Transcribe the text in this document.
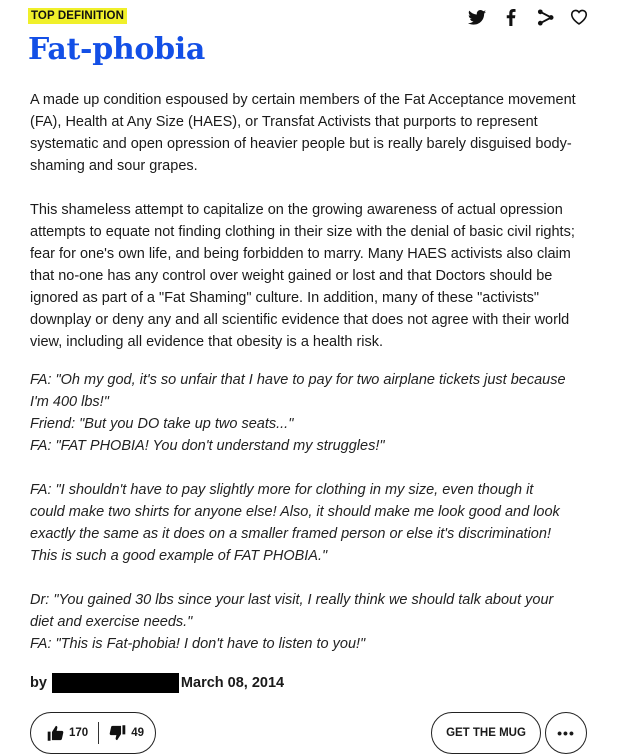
TOP DEFINITION
Fat-phobia

A made up condition espoused by certain members of the Fat Acceptance movement (FA), Health at Any Size (HAES), or Transfat Activists that purports to represent systematic and open opression of heavier people but is really barely disguised body-shaming and sour grapes.

This shameless attempt to capitalize on the growing awareness of actual opression attempts to equate not finding clothing in their size with the denial of basic civil rights; fear for one's own life, and being forbidden to marry. Many HAES activists also claim that no-one has any control over weight gained or lost and that Doctors should be ignored as part of a "Fat Shaming" culture. In addition, many of these "activists" downplay or deny any and all scientific evidence that does not agree with their world view, including all evidence that obesity is a health risk.

FA: "Oh my god, it's so unfair that I have to pay for two airplane tickets just because
I'm 400 lbs!"
Friend: "But you DO take up two seats..."
FA: "FAT PHOBIA! You don't understand my struggles!"
FA: "I shouldn't have to pay slightly more for clothing in my size, even though it
could make two shirts for anyone else! Also, it should make me look good and look
exactly the same as it does on a smaller framed person or else it's discrimination!
This is such a good example of FAT PHOBIA."
Dr: "You gained 30 lbs since your last visit, I really think we should talk about your
diet and exercise needs."
FA: "This is Fat-phobia! I don't have to listen to you!"
by	March 08, 2014
170	49	GET THE MUG	•••
